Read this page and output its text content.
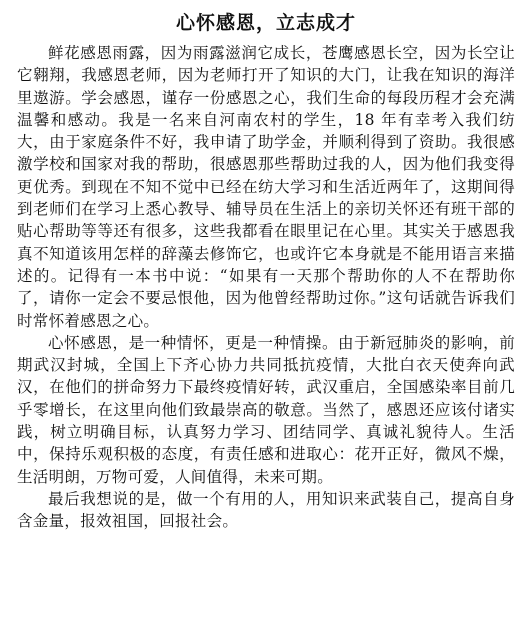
心怀感恩，立志成才

鲜花感恩雨露，因为雨露滋润它成长，苍鹰感恩长空，因为长空让它翱翔，我感恩老师，因为老师打开了知识的大门，让我在知识的海洋里遨游。学会感恩，谨存一份感恩之心，我们生命的每段历程才会充满温馨和感动。我是一名来自河南农村的学生，18 年有幸考入我们纺大，由于家庭条件不好，我申请了助学金，并顺利得到了资助。我很感激学校和国家对我的帮助，很感恩那些帮助过我的人，因为他们我变得更优秀。到现在不知不觉中已经在纺大学习和生活近两年了，这期间得到老师们在学习上悉心教导、辅导员在生活上的亲切关怀还有班干部的贴心帮助等等还有很多，这些我都看在眼里记在心里。其实关于感恩我真不知道该用怎样的辞藻去修饰它，也或许它本身就是不能用语言来描述的。记得有一本书中说：“如果有一天那个帮助你的人不在帮助你了，请你一定会不要忌恨他，因为他曾经帮助过你。”这句话就告诉我们时常怀着感恩之心。

心怀感恩，是一种情怀，更是一种情操。由于新冠肺炎的影响，前期武汉封城，全国上下齐心协力共同抵抗疫情，大批白衣天使奔向武汉，在他们的拼命努力下最终疫情好转，武汉重启，全国感染率目前几乎零增长，在这里向他们致最崇高的敬意。当然了，感恩还应该付诸实践，树立明确目标，认真努力学习、团结同学、真诚礼貌待人。生活中，保持乐观积极的态度，有责任感和进取心：花开正好，微风不燥，生活明朗，万物可爱，人间值得，未来可期。

最后我想说的是，做一个有用的人，用知识来武装自己，提高自身含金量，报效祖国，回报社会。
